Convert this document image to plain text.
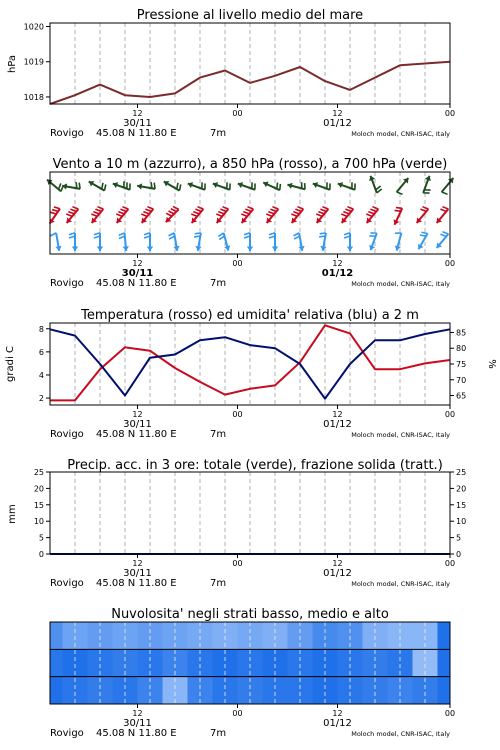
Pressione al livello medio del mare
hPa
1018
1019
1020
12	00	12	00
30/11	01/12
Rovigo 45.08 N 11.80 E	7m	Moloch model, CNR-ISAC, Italy
Vento a 10 m (azzurro), a 850 hPa (rosso), a 700 hPa (verde)
12	00	12	00
30/11	01/12
Rovigo 45.08 N 11.80 E	7m	Moloch model, CNR-ISAC, Italy
Temperatura (rosso) ed umidita' relativa (blu) a 2 m
gradi C	%
2
4
6
8
65
70
75
80
85
12	00	12	00
30/11	01/12
Rovigo 45.08 N 11.80 E	7m	Moloch model, CNR-ISAC, Italy
Precip. acc. in 3 ore: totale (verde), frazione solida (tratt.)
mm
0
5
10
15
20
25
0
5
10
15
20
25
12	00	12	00
30/11	01/12
Rovigo 45.08 N 11.80 E	7m	Moloch model, CNR-ISAC, Italy
Nuvolosita' negli strati basso, medio e alto
12	00	12	00
30/11	01/12
Rovigo 45.08 N 11.80 E	7m	Moloch model, CNR-ISAC, Italy
